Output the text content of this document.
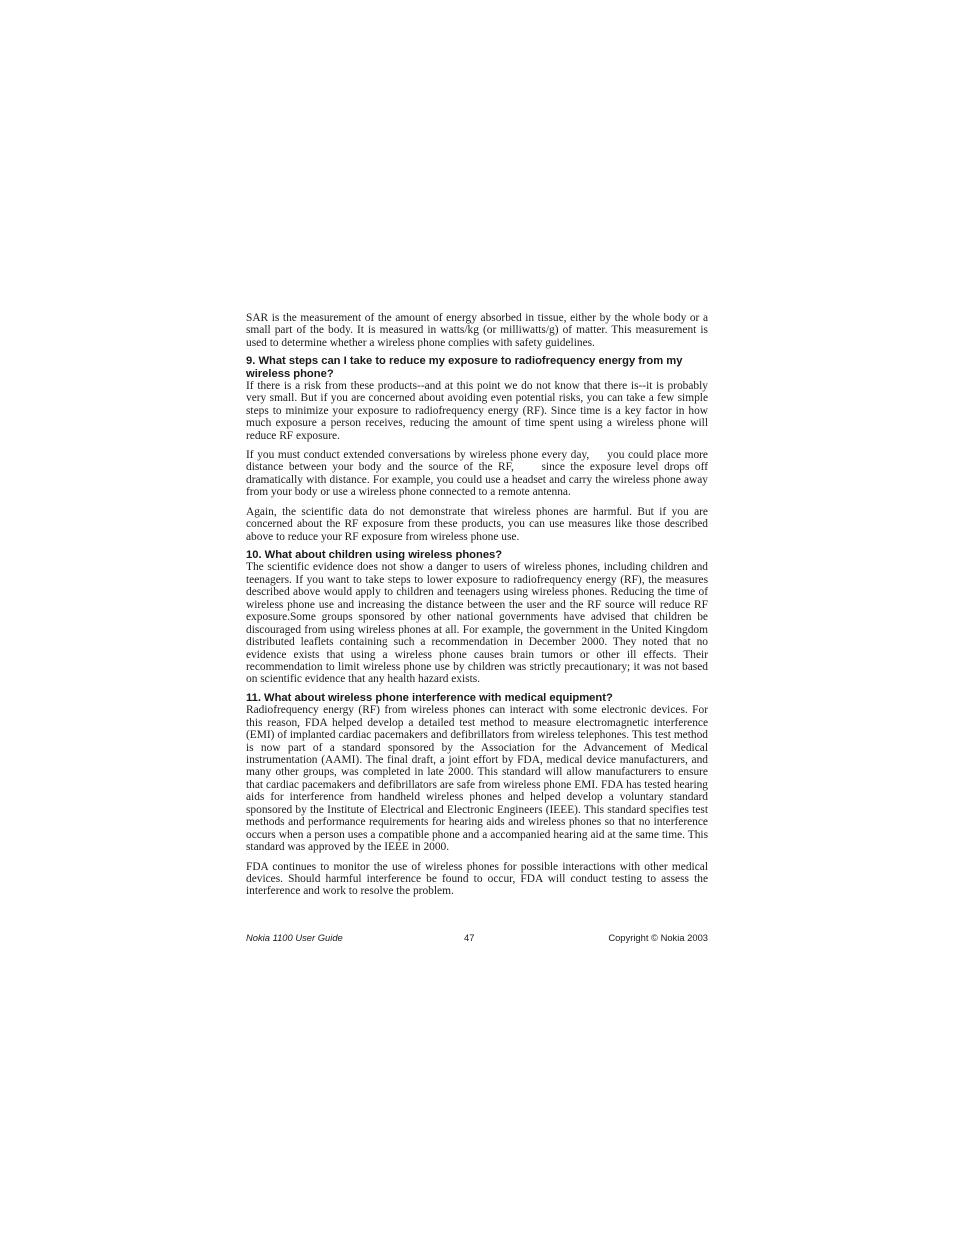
SAR is the measurement of the amount of energy absorbed in tissue, either by the whole body or a small part of the body. It is measured in watts/kg (or milliwatts/g) of matter. This measurement is used to determine whether a wireless phone complies with safety guidelines.

9. What steps can I take to reduce my exposure to radiofrequency energy from my wireless phone?

If there is a risk from these products--and at this point we do not know that there is--it is probably very small. But if you are concerned about avoiding even potential risks, you can take a few simple steps to minimize your exposure to radiofrequency energy (RF). Since time is a key factor in how much exposure a person receives, reducing the amount of time spent using a wireless phone will reduce RF exposure.

If you must conduct extended conversations by wireless phone every day,     you could place more distance between your body and the source of the RF,     since the exposure level drops off dramatically with distance. For example, you could use a headset and carry the wireless phone away from your body or use a wireless phone connected to a remote antenna.

Again, the scientific data do not demonstrate that wireless phones are harmful. But if you are concerned about the RF exposure from these products, you can use measures like those described above to reduce your RF exposure from wireless phone use.

10. What about children using wireless phones?

The scientific evidence does not show a danger to users of wireless phones, including children and teenagers. If you want to take steps to lower exposure to radiofrequency energy (RF), the measures described above would apply to children and teenagers using wireless phones. Reducing the time of wireless phone use and increasing the distance between the user and the RF source will reduce RF exposure.Some groups sponsored by other national governments have advised that children be discouraged from using wireless phones at all. For example, the government in the United Kingdom distributed leaflets containing such a recommendation in December 2000. They noted that no evidence exists that using a wireless phone causes brain tumors or other ill effects. Their recommendation to limit wireless phone use by children was strictly precautionary; it was not based on scientific evidence that any health hazard exists.

11. What about wireless phone interference with medical equipment?

Radiofrequency energy (RF) from wireless phones can interact with some electronic devices. For this reason, FDA helped develop a detailed test method to measure electromagnetic interference (EMI) of implanted cardiac pacemakers and defibrillators from wireless telephones. This test method is now part of a standard sponsored by the Association for the Advancement of Medical instrumentation (AAMI). The final draft, a joint effort by FDA, medical device manufacturers, and many other groups, was completed in late 2000. This standard will allow manufacturers to ensure that cardiac pacemakers and defibrillators are safe from wireless phone EMI. FDA has tested hearing aids for interference from handheld wireless phones and helped develop a voluntary standard sponsored by the Institute of Electrical and Electronic Engineers (IEEE). This standard specifies test methods and performance requirements for hearing aids and wireless phones so that no interference occurs when a person uses a compatible phone and a accompanied hearing aid at the same time. This standard was approved by the IEEE in 2000.

FDA continues to monitor the use of wireless phones for possible interactions with other medical devices. Should harmful interference be found to occur, FDA will conduct testing to assess the interference and work to resolve the problem.

Nokia 1100 User Guide	47	Copyright © Nokia 2003
